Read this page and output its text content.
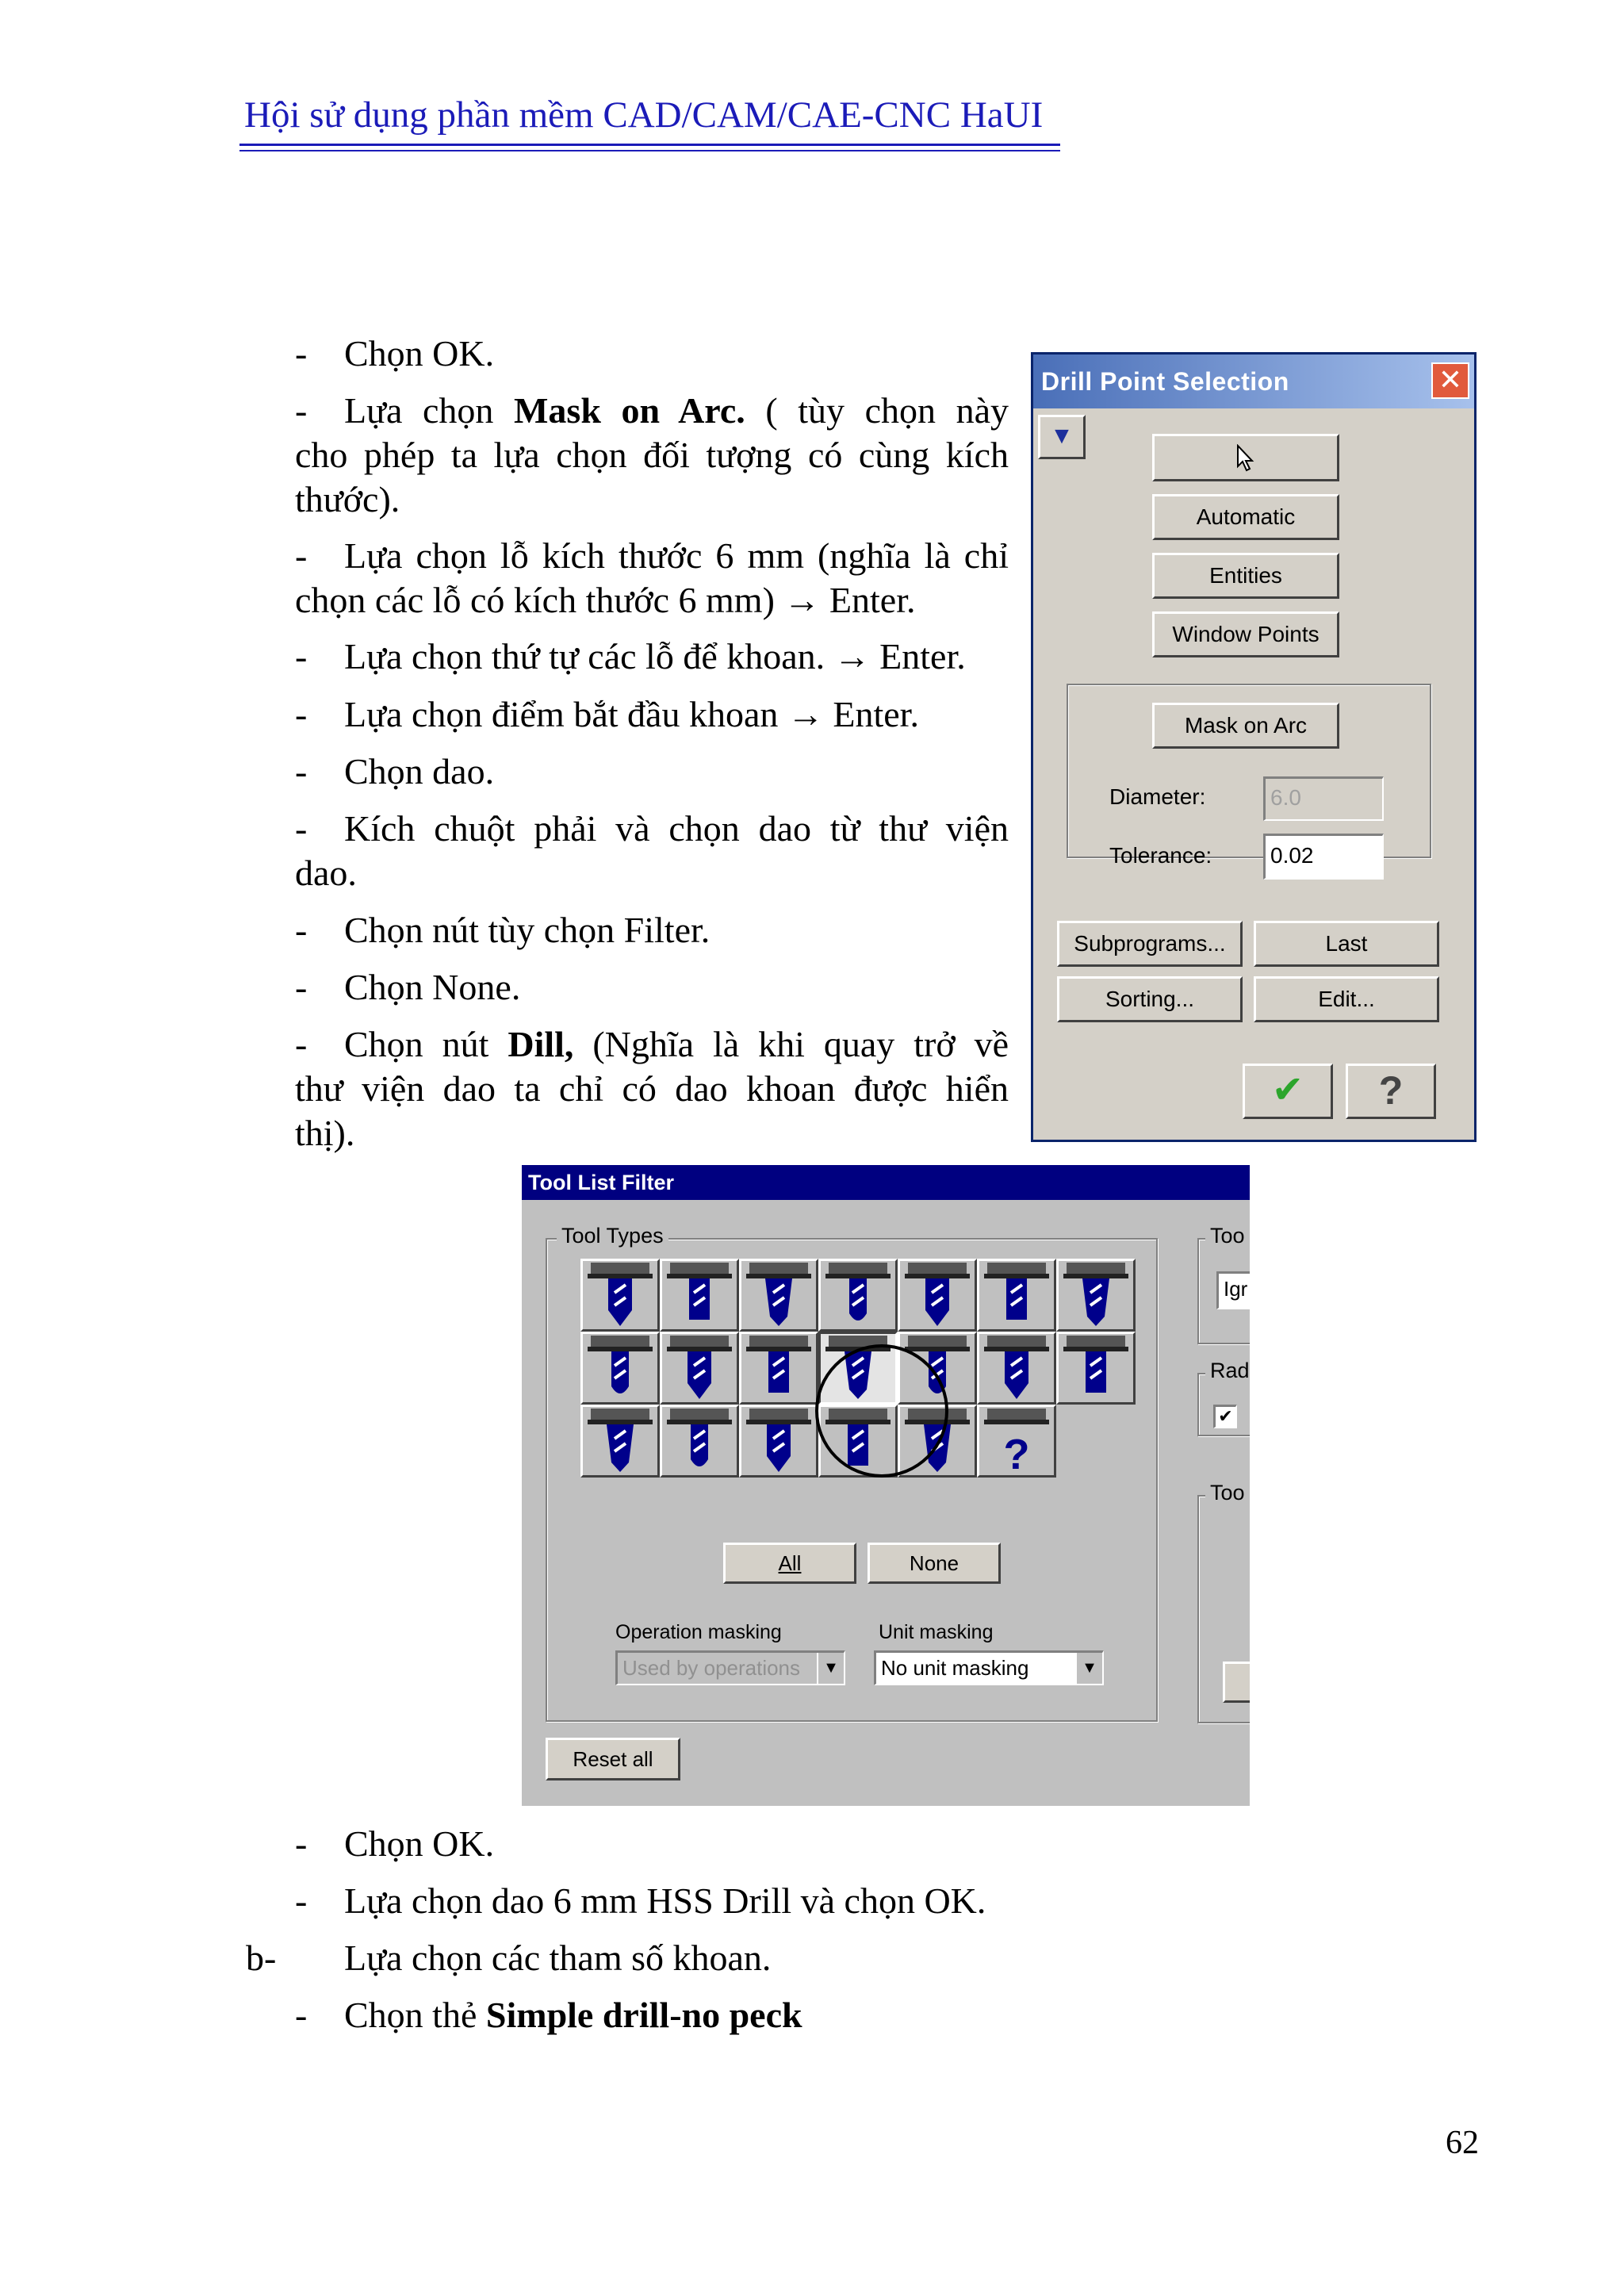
Hội sử dụng phần mềm CAD/CAM/CAE-CNC HaUI
- Chọn OK.
- Lựa chọn Mask on Arc. ( tùy chọn này
cho phép ta lựa chọn đối tượng có cùng kích
thước).
- Lựa chọn lỗ kích thước 6 mm (nghĩa là chỉ
chọn các lỗ có kích thước 6 mm) → Enter.
- Lựa chọn thứ tự các lỗ để khoan. → Enter.
- Lựa chọn điểm bắt đầu khoan → Enter.
- Chọn dao.
- Kích chuột phải và chọn dao từ thư viện
dao.
- Chọn nút tùy chọn Filter.
- Chọn None.
- Chọn nút Dill, (Nghĩa là khi quay trở về
thư viện dao ta chỉ có dao khoan được hiển
thị).
Drill Point Selection	✕
▼
Automatic
Entities
Window Points
Mask on Arc
Diameter:	6.0
Tolerance:	0.02
Subprograms...	Last
Sorting...	Edit...
✔	?
Tool List Filter
Tool Types
?
All	None
Operation masking
Used by operations	▼
Unit masking
No unit masking	▼
Reset all
Too
Igr
Rad
✔
Too
- Chọn OK.
- Lựa chọn dao 6 mm HSS Drill và chọn OK.
b- Lựa chọn các tham số khoan.
- Chọn thẻ Simple drill-no peck
62
